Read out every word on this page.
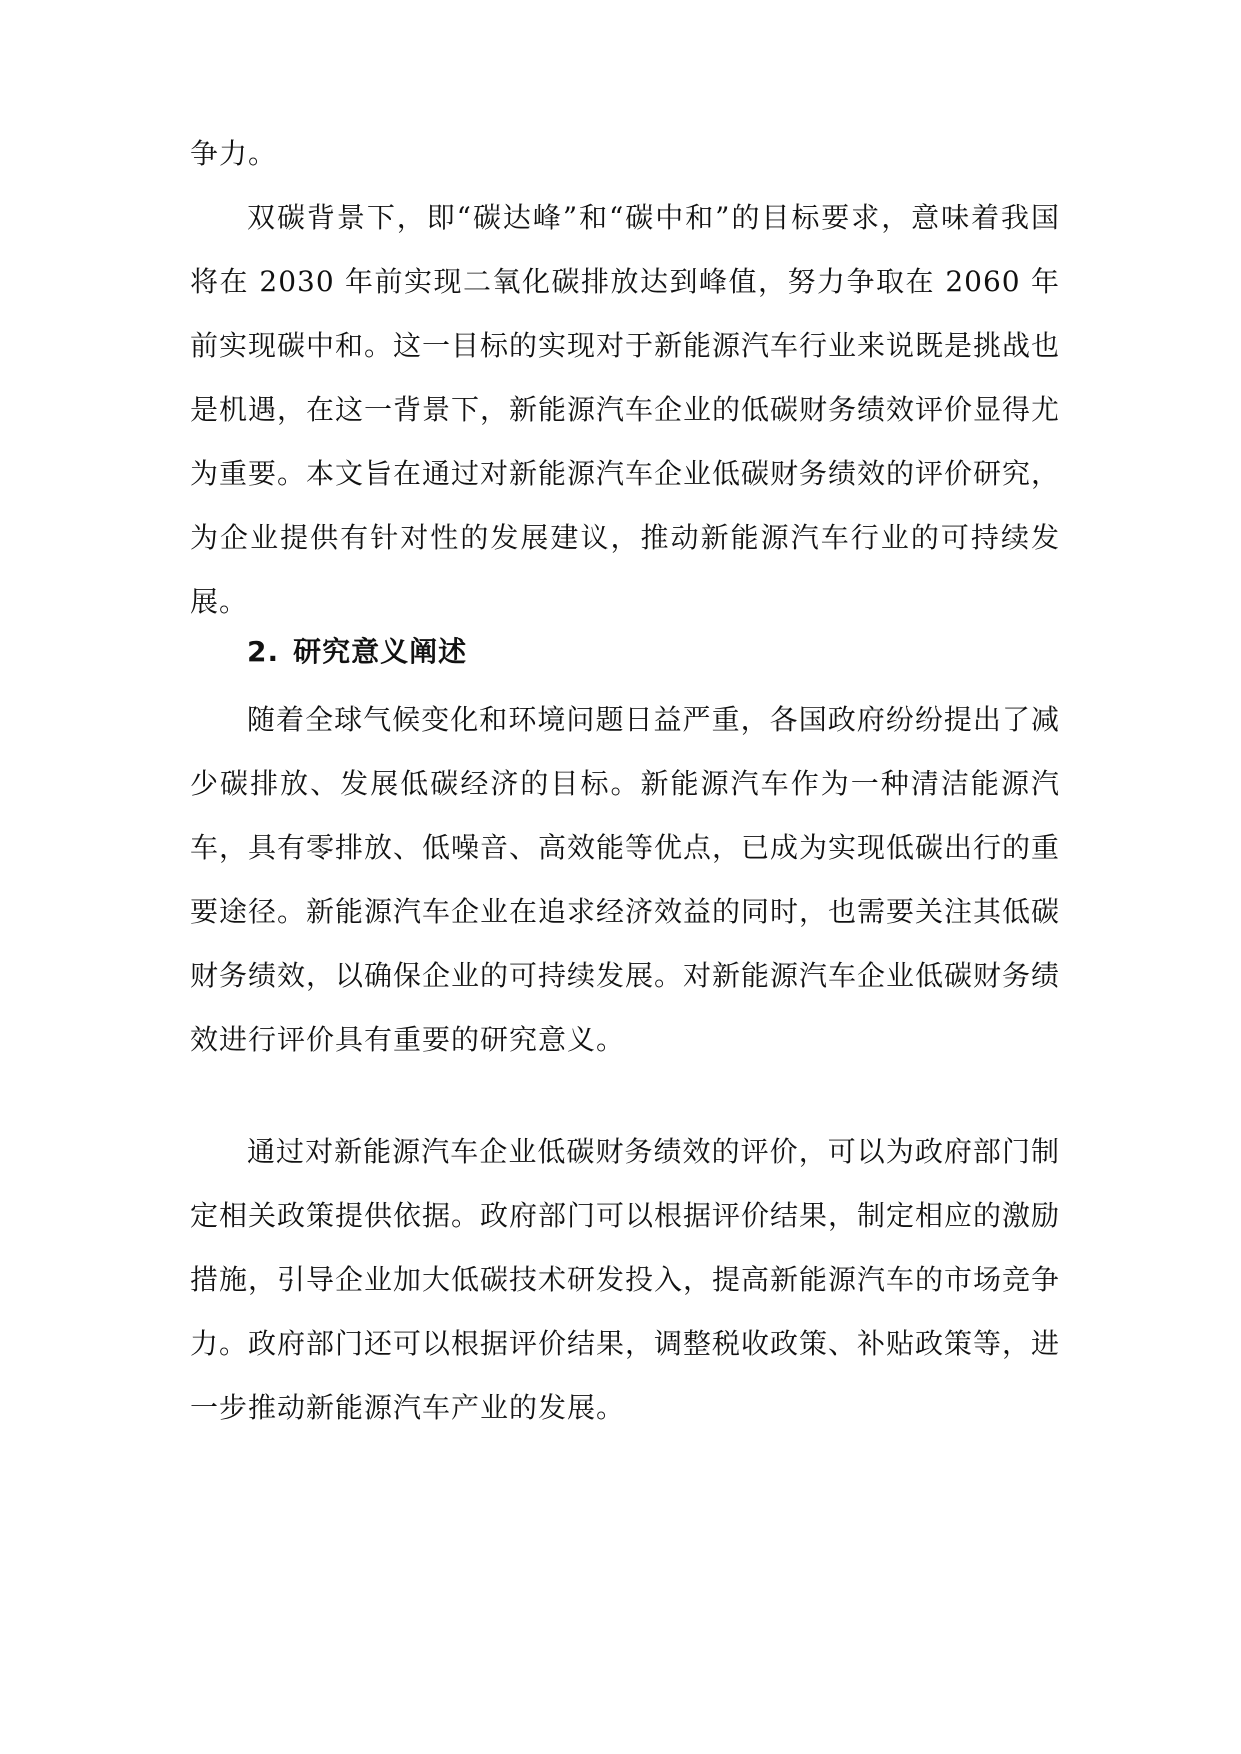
争力。

双碳背景下，即“碳达峰”和“碳中和”的目标要求，意味着我国将在 2030 年前实现二氧化碳排放达到峰值，努力争取在 2060 年前实现碳中和。这一目标的实现对于新能源汽车行业来说既是挑战也是机遇，在这一背景下，新能源汽车企业的低碳财务绩效评价显得尤为重要。本文旨在通过对新能源汽车企业低碳财务绩效的评价研究，为企业提供有针对性的发展建议，推动新能源汽车行业的可持续发展。

2. 研究意义阐述

随着全球气候变化和环境问题日益严重，各国政府纷纷提出了减少碳排放、发展低碳经济的目标。新能源汽车作为一种清洁能源汽车，具有零排放、低噪音、高效能等优点，已成为实现低碳出行的重要途径。新能源汽车企业在追求经济效益的同时，也需要关注其低碳财务绩效，以确保企业的可持续发展。对新能源汽车企业低碳财务绩效进行评价具有重要的研究意义。

通过对新能源汽车企业低碳财务绩效的评价，可以为政府部门制定相关政策提供依据。政府部门可以根据评价结果，制定相应的激励措施，引导企业加大低碳技术研发投入，提高新能源汽车的市场竞争力。政府部门还可以根据评价结果，调整税收政策、补贴政策等，进一步推动新能源汽车产业的发展。
